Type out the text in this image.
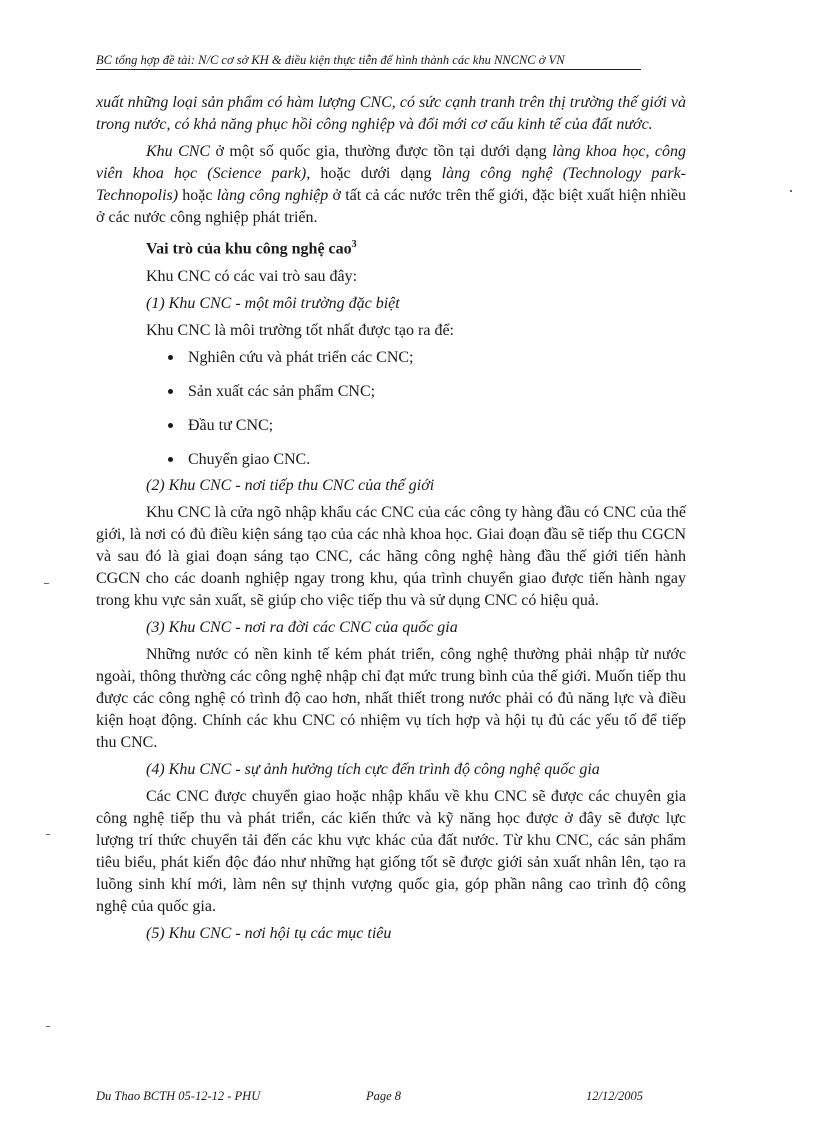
BC tổng hợp đề tài: N/C cơ sở KH & điều kiện thực tiễn để hình thành các khu NNCNC ở VN

xuất những loại sản phẩm có hàm lượng CNC, có sức cạnh tranh trên thị trường thế giới và trong nước, có khả năng phục hồi công nghiệp và đổi mới cơ cấu kinh tế của đất nước.

Khu CNC ở một số quốc gia, thường được tồn tại dưới dạng làng khoa học, công viên khoa học (Science park), hoặc dưới dạng làng công nghệ (Technology park-Technopolis) hoặc làng công nghiệp ở tất cả các nước trên thế giới, đặc biệt xuất hiện nhiều ở các nước công nghiệp phát triển.

Vai trò của khu công nghệ cao$^3$

Khu CNC có các vai trò sau đây:

(1) Khu CNC - một môi trường đặc biệt

Khu CNC là môi trường tốt nhất được tạo ra để:

Nghiên cứu và phát triển các CNC;
Sản xuất các sản phẩm CNC;
Đầu tư CNC;
Chuyển giao CNC.

(2) Khu CNC - nơi tiếp thu CNC của thế giới

Khu CNC là cửa ngõ nhập khẩu các CNC của các công ty hàng đầu có CNC của thế giới, là nơi có đủ điều kiện sáng tạo của các nhà khoa học. Giai đoạn đầu sẽ tiếp thu CGCN và sau đó là giai đoạn sáng tạo CNC, các hãng công nghệ hàng đầu thế giới tiến hành CGCN cho các doanh nghiệp ngay trong khu, qúa trình chuyển giao được tiến hành ngay trong khu vực sản xuất, sẽ giúp cho việc tiếp thu và sử dụng CNC có hiệu quả.

(3) Khu CNC - nơi ra đời các CNC của quốc gia

Những nước có nền kinh tế kém phát triển, công nghệ thường phải nhập từ nước ngoài, thông thường các công nghệ nhập chỉ đạt mức trung bình của thế giới. Muốn tiếp thu được các công nghệ có trình độ cao hơn, nhất thiết trong nước phải có đủ năng lực và điều kiện hoạt động. Chính các khu CNC có nhiệm vụ tích hợp và hội tụ đủ các yếu tố để tiếp thu CNC.

(4) Khu CNC - sự ảnh hưởng tích cực đến trình độ công nghệ quốc gia

Các CNC được chuyển giao hoặc nhập khẩu về khu CNC sẽ được các chuyên gia công nghệ tiếp thu và phát triển, các kiến thức và kỹ năng học được ở đây sẽ được lực lượng trí thức chuyển tải đến các khu vực khác của đất nước. Từ khu CNC, các sản phẩm tiêu biểu, phát kiến độc đáo như những hạt giống tốt sẽ được giới sản xuất nhân lên, tạo ra luồng sinh khí mới, làm nên sự thịnh vượng quốc gia, góp phần nâng cao trình độ công nghệ của quốc gia.

(5) Khu CNC - nơi hội tụ các mục tiêu

Du Thao BCTH 05-12-12 - PHU	Page 8	12/12/2005
